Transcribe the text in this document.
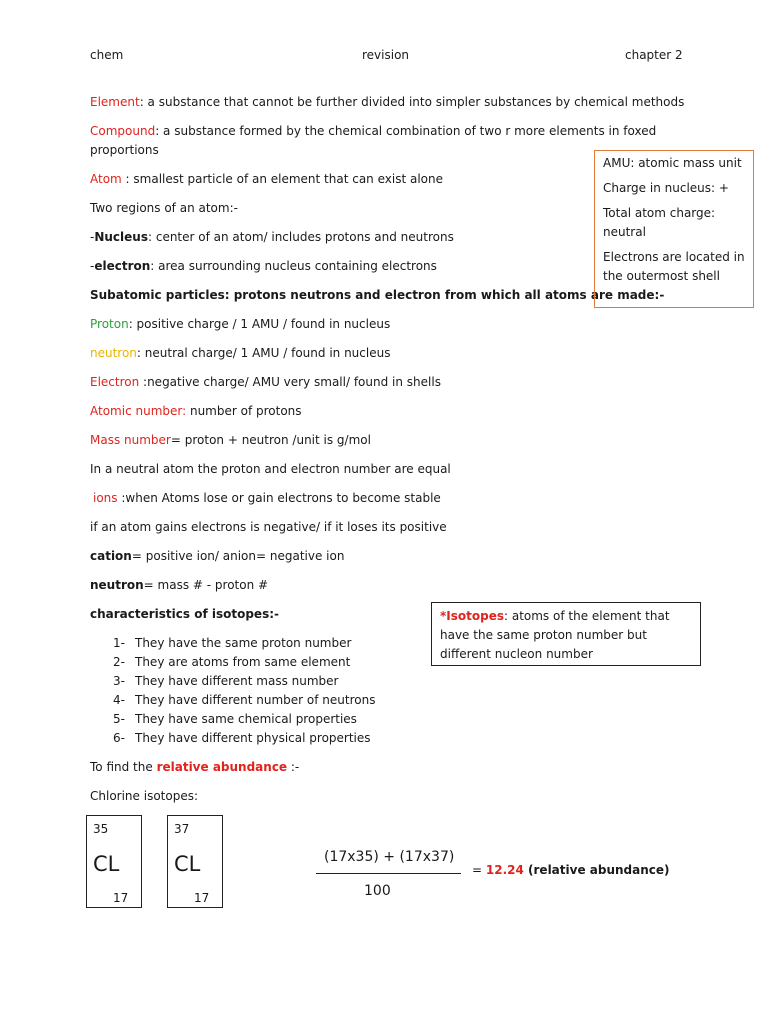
chem	revision	chapter 2
Element: a substance that cannot be further divided into simpler substances by chemical methods
Compound: a substance formed by the chemical combination of two r more elements in foxed
proportions
Atom : smallest particle of an element that can exist alone
Two regions of an atom:-
-Nucleus: center of an atom/ includes protons and neutrons
-electron: area surrounding nucleus containing electrons
Subatomic particles: protons neutrons and electron from which all atoms are made:-
Proton: positive charge / 1 AMU / found in nucleus
neutron: neutral charge/ 1 AMU / found in nucleus
Electron :negative charge/ AMU very small/ found in shells
Atomic number: number of protons
Mass number= proton + neutron /unit is g/mol
In a neutral atom the proton and electron number are equal
ions :when Atoms lose or gain electrons to become stable
if an atom gains electrons is negative/ if it loses its positive
cation= positive ion/ anion= negative ion
neutron= mass # - proton #
characteristics of isotopes:-

AMU: atomic mass unit

Charge in nucleus: +

Total atom charge: neutral

Electrons are located in the outermost shell

*Isotopes: atoms of the element that have the same proton number but different nucleon number
1- They have the same proton number
2- They are atoms from same element
3- They have different mass number
4- They have different number of neutrons
5- They have same chemical properties
6- They have different physical properties
To find the relative abundance :-
Chlorine isotopes:
35
CL
17
37
CL
17
(17x35) + (17x37)
100
= 12.24 (relative abundance)
